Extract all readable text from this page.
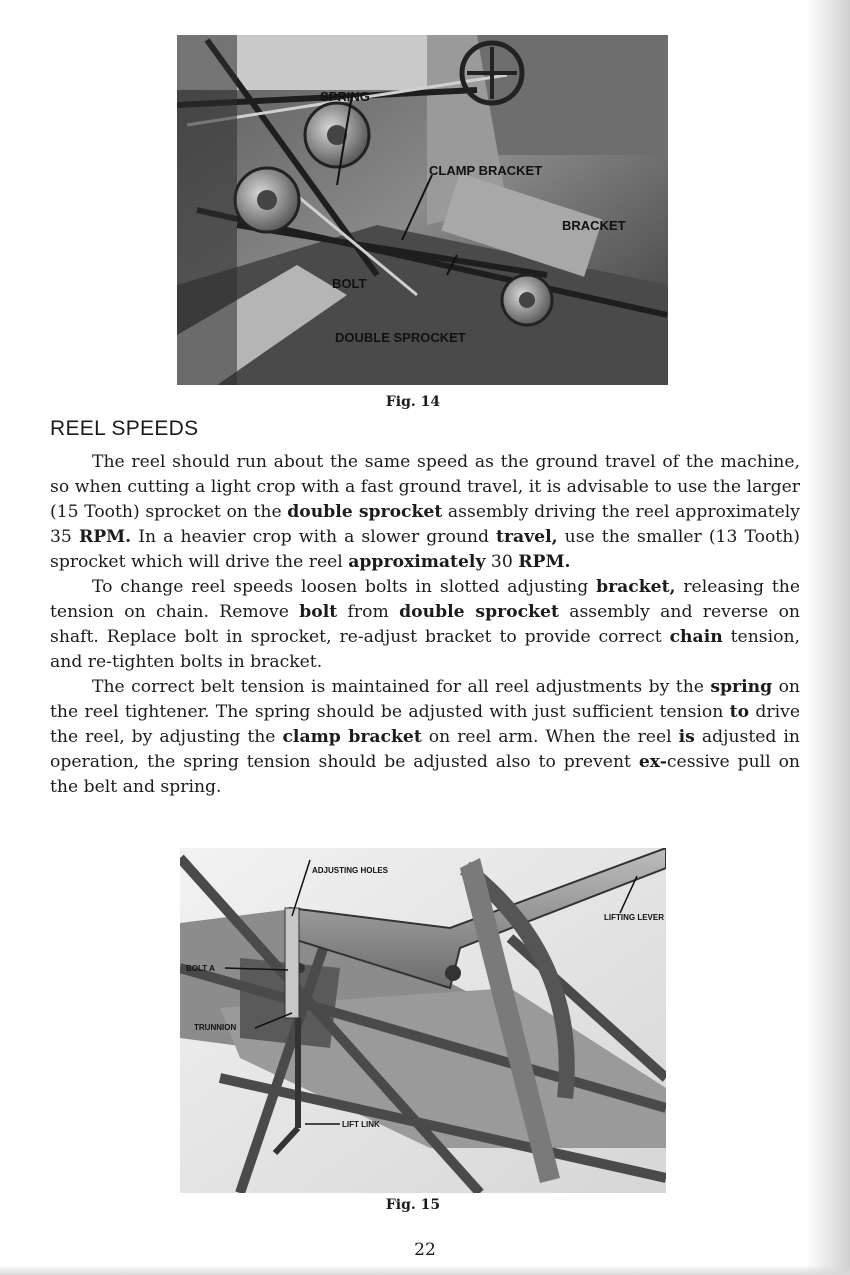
SPRING
CLAMP BRACKET
BRACKET
BOLT
DOUBLE SPROCKET
Fig. 14
REEL SPEEDS

The reel should run about the same speed as the ground travel of the machine, so when cutting a light crop with a fast ground travel, it is advisable to use the larger (15 Tooth) sprocket on the double sprocket assembly driving the reel approximately 35 RPM. In a heavier crop with a slower ground travel, use the smaller (13 Tooth) sprocket which will drive the reel approximately 30 RPM.

To change reel speeds loosen bolts in slotted adjusting bracket, releasing the tension on chain. Remove bolt from double sprocket assembly and reverse on shaft. Replace bolt in sprocket, re-adjust bracket to provide correct chain tension, and re-tighten bolts in bracket.

The correct belt tension is maintained for all reel adjustments by the spring on the reel tightener. The spring should be adjusted with just sufficient tension to drive the reel, by adjusting the clamp bracket on reel arm. When the reel is adjusted in operation, the spring tension should be adjusted also to prevent ex-cessive pull on the belt and spring.

ADJUSTING HOLES
LIFTING LEVER
BOLT A
TRUNNION
LIFT LINK
Fig. 15
22
